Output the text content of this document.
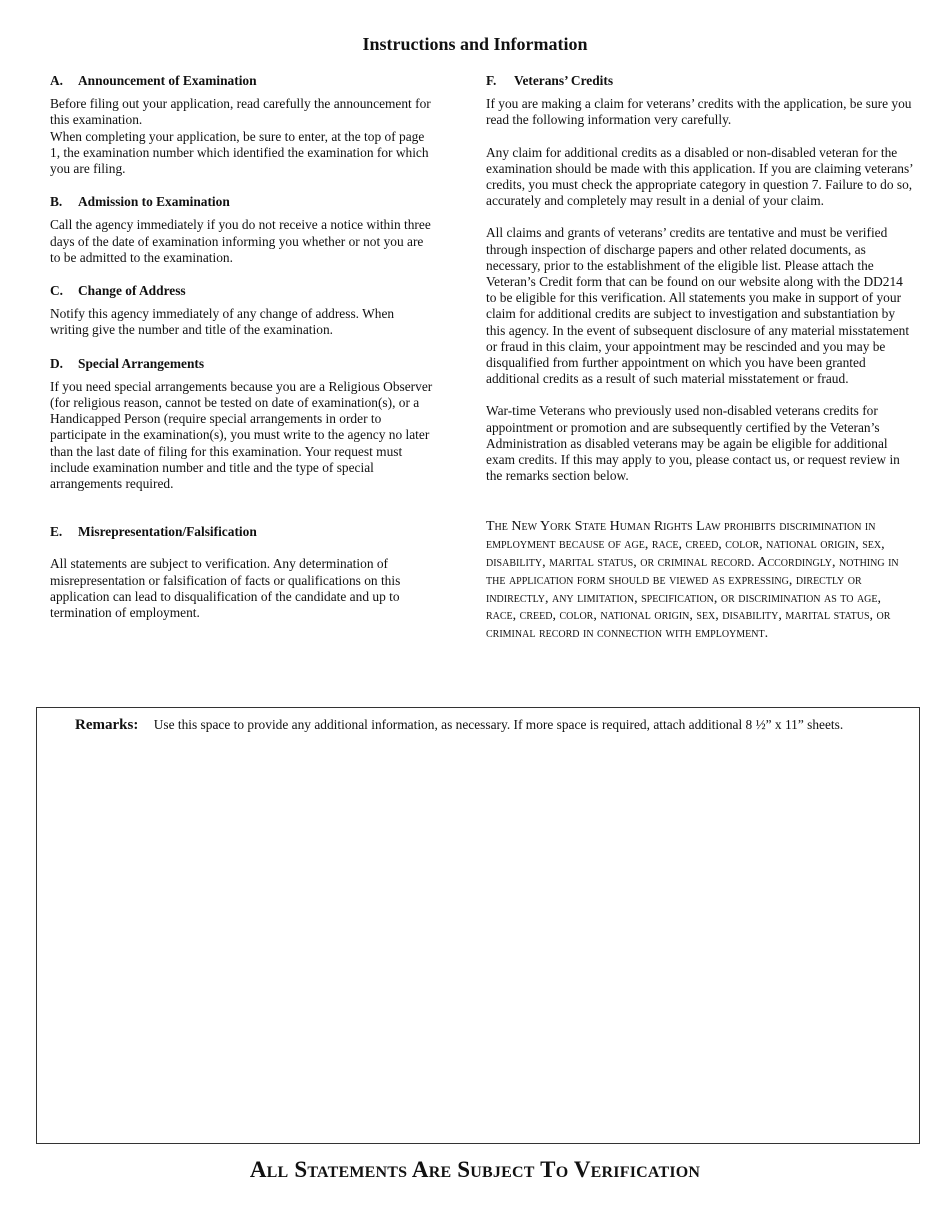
Instructions and Information
A. Announcement of Examination

Before filing out your application, read carefully the announcement for this examination.

When completing your application, be sure to enter, at the top of page 1, the examination number which identified the examination for which you are filing.

B. Admission to Examination

Call the agency immediately if you do not receive a notice within three days of the date of examination informing you whether or not you are to be admitted to the examination.

C. Change of Address

Notify this agency immediately of any change of address. When writing give the number and title of the examination.

D. Special Arrangements

If you need special arrangements because you are a Religious Observer (for religious reason, cannot be tested on date of examination(s), or a Handicapped Person (require special arrangements in order to participate in the examination(s), you must write to the agency no later than the last date of filing for this examination. Your request must include examination number and title and the type of special arrangements required.

E. Misrepresentation/Falsification

All statements are subject to verification. Any determination of misrepresentation or falsification of facts or qualifications on this application can lead to disqualification of the candidate and up to termination of employment.

F. Veterans’ Credits

If you are making a claim for veterans’ credits with the application, be sure you read the following information very carefully.

Any claim for additional credits as a disabled or non-disabled veteran for the examination should be made with this application. If you are claiming veterans’ credits, you must check the appropriate category in question 7. Failure to do so, accurately and completely may result in a denial of your claim.

All claims and grants of veterans’ credits are tentative and must be verified through inspection of discharge papers and other related documents, as necessary, prior to the establishment of the eligible list. Please attach the Veteran’s Credit form that can be found on our website along with the DD214 to be eligible for this verification. All statements you make in support of your claim for additional credits are subject to investigation and substantiation by this agency. In the event of subsequent disclosure of any material misstatement or fraud in this claim, your appointment may be rescinded and you may be disqualified from further appointment on which you have been granted additional credits as a result of such material misstatement or fraud.

War-time Veterans who previously used non-disabled veterans credits for appointment or promotion and are subsequently certified by the Veteran’s Administration as disabled veterans may be again be eligible for additional exam credits. If this may apply to you, please contact us, or request review in the remarks section below.

The New York State Human Rights Law prohibits discrimination in employment because of age, race, creed, color, national origin, sex, disability, marital status, or criminal record. Accordingly, nothing in the application form should be viewed as expressing, directly or indirectly, any limitation, specification, or discrimination as to age, race, creed, color, national origin, sex, disability, marital status, or criminal record in connection with employment.

Remarks: Use this space to provide any additional information, as necessary. If more space is required, attach additional 8 ½” x 11” sheets.
All Statements Are Subject To Verification
